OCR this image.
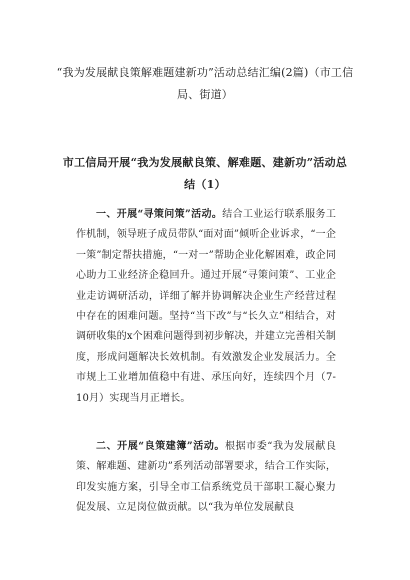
“我为发展献良策解难题建新功”活动总结汇编(2篇)（市工信局、街道）
市工信局开展“我为发展献良策、解难题、建新功”活动总结（1）

一、开展“寻策问策”活动。结合工业运行联系服务工作机制，领导班子成员带队“面对面”倾听企业诉求，“一企一策”制定帮扶措施，“一对一”帮助企业化解困难，政企同心助力工业经济企稳回升。通过开展“寻策问策”、工业企业走访调研活动，详细了解并协调解决企业生产经营过程中存在的困难问题。坚持“当下改”与“长久立”相结合，对调研收集的x个困难问题得到初步解决，并建立完善相关制度，形成问题解决长效机制。有效激发企业发展活力。全市规上工业增加值稳中有进、承压向好，连续四个月（7-10月）实现当月正增长。

二、开展“良策建簿”活动。根据市委“我为发展献良策、解难题、建新功”系列活动部署要求，结合工作实际，印发实施方案，引导全市工信系统党员干部职工凝心聚力促发展、立足岗位做贡献。以“我为单位发展献良
